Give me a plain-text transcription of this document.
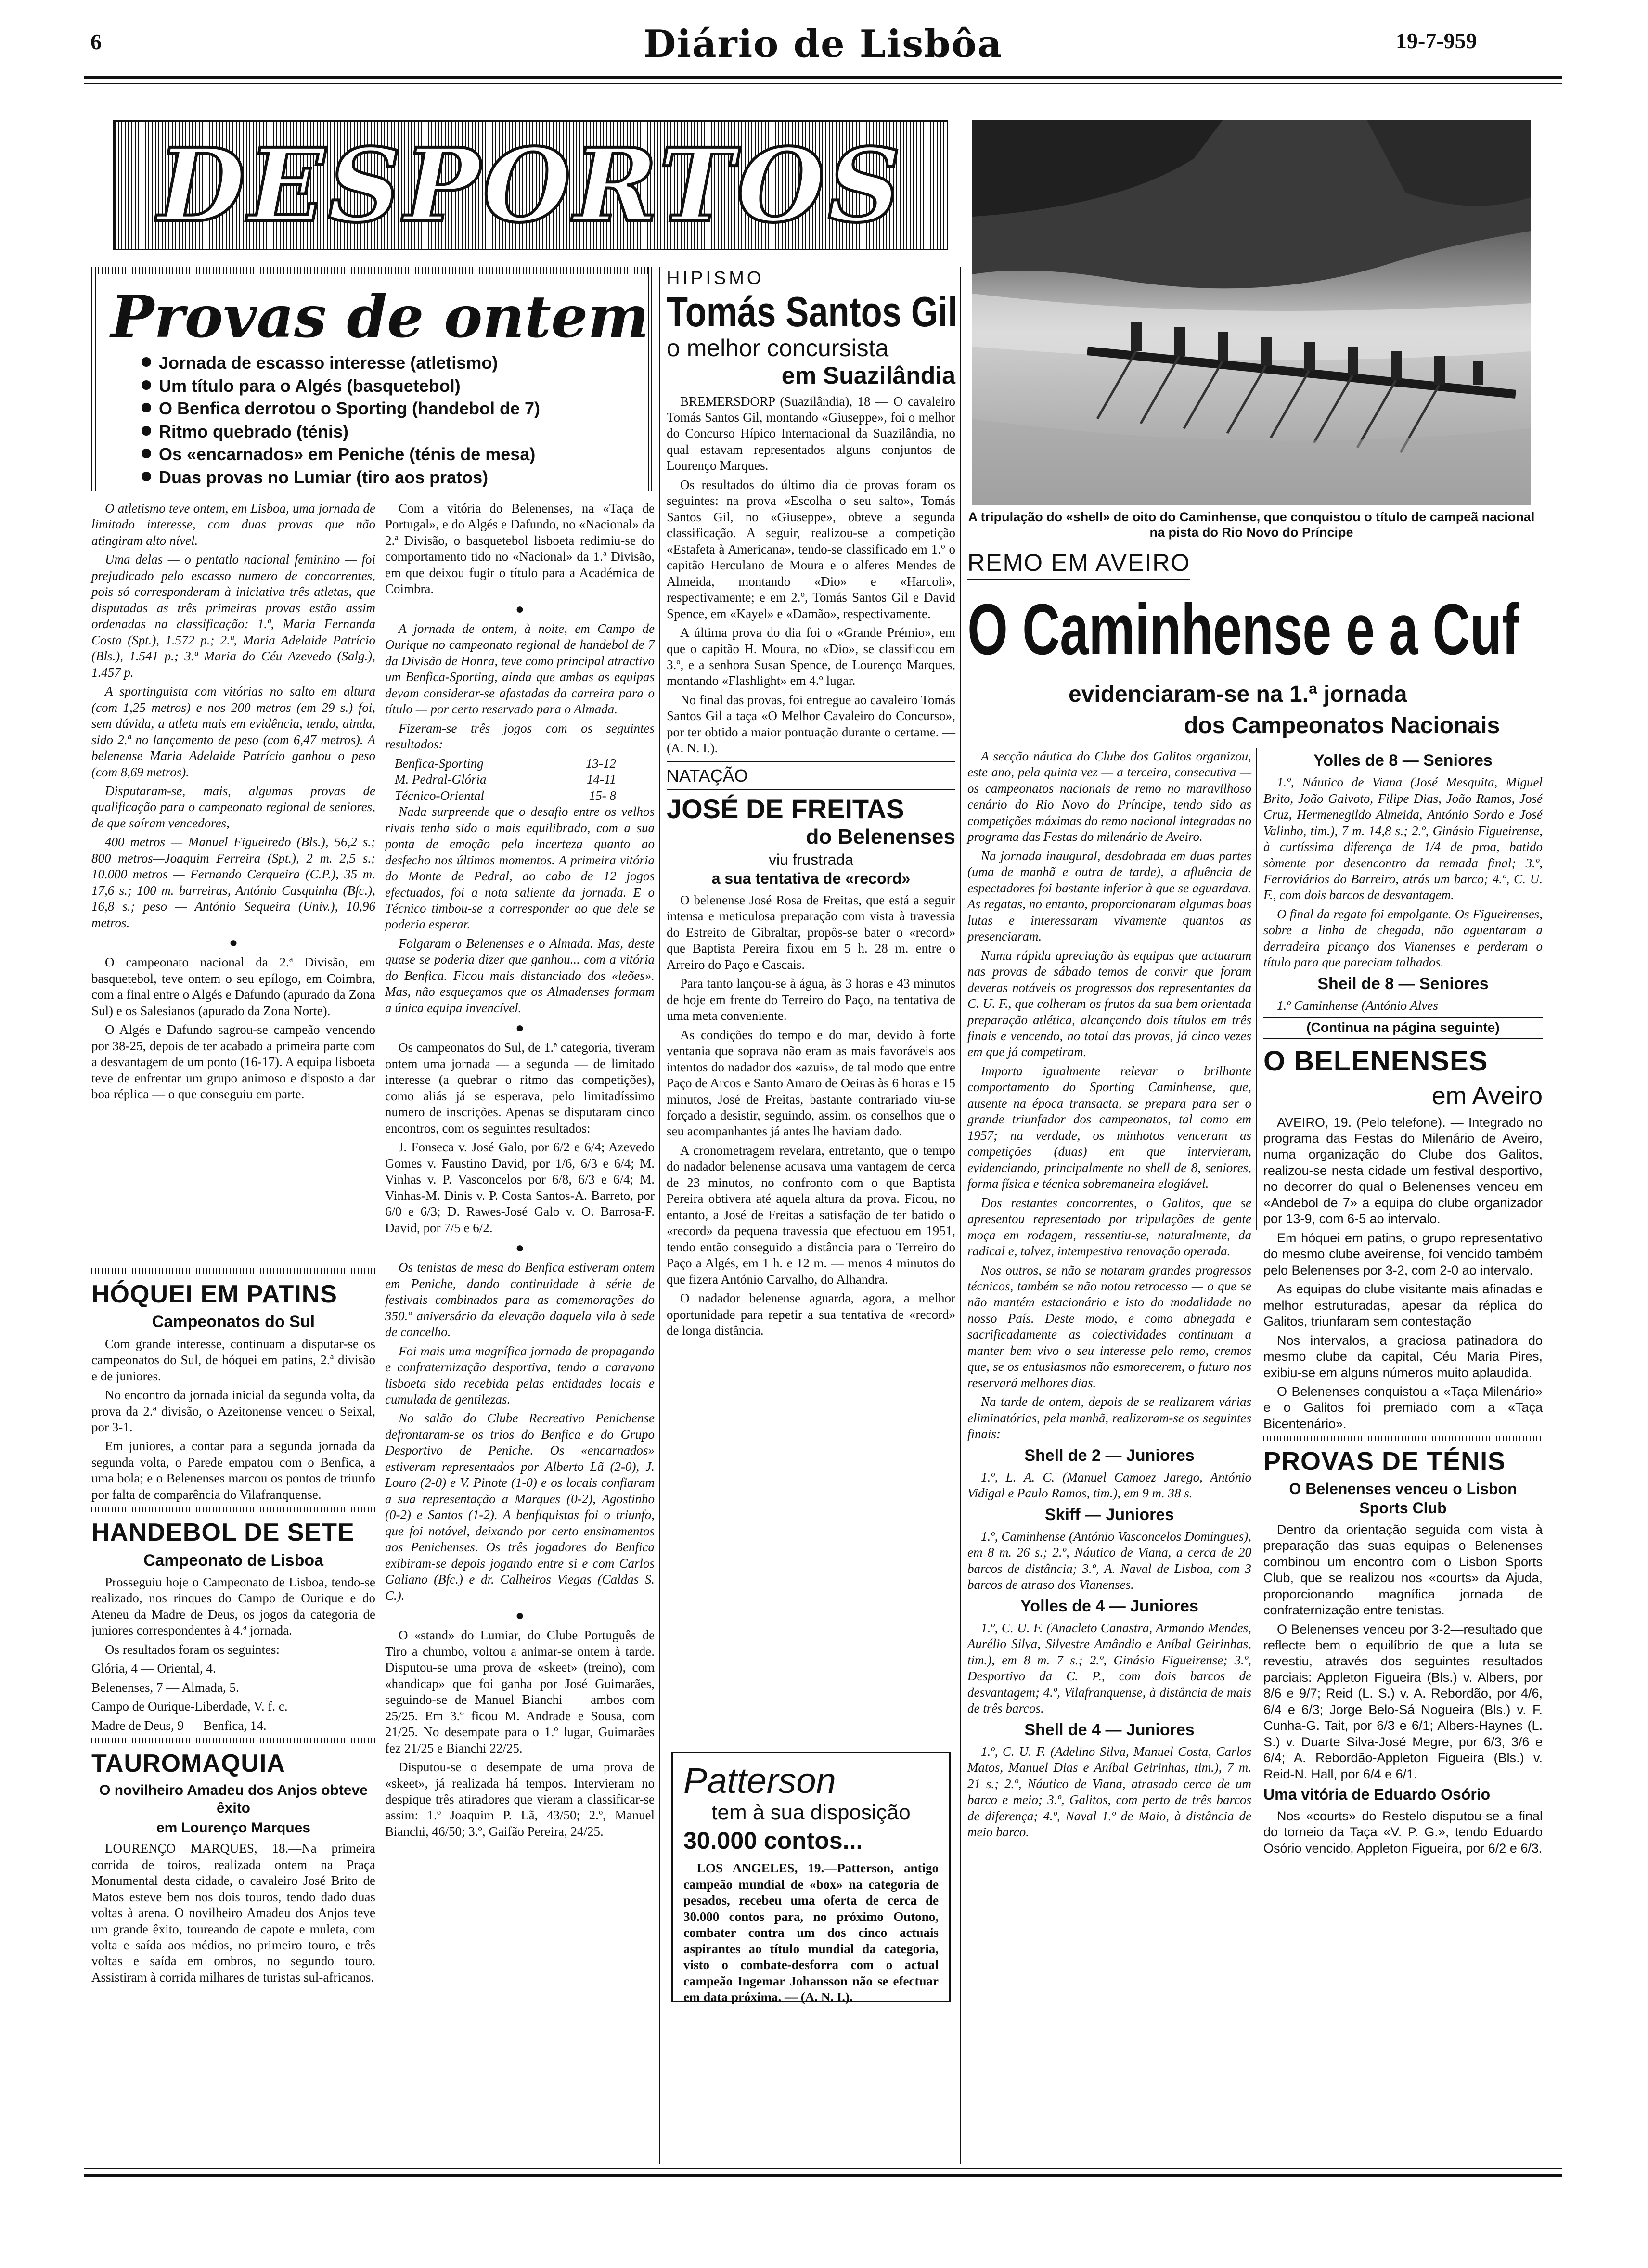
6	Diário de Lisbôa	19-7-959
DESPORTOS
A tripulação do «shell» de oito do Caminhense, que conquistou o título de campeã nacional na pista do Rio Novo do Príncipe
Provas de ontem
Jornada de escasso interesse (atletismo)
Um título para o Algés (basquetebol)
O Benfica derrotou o Sporting (handebol de 7)
Ritmo quebrado (ténis)
Os «encarnados» em Peniche (ténis de mesa)
Duas provas no Lumiar (tiro aos pratos)

O atletismo teve ontem, em Lisboa, uma jornada de limitado interesse, com duas provas que não atingiram alto nível.

Uma delas — o pentatlo nacional feminino — foi prejudicado pelo escasso numero de concorrentes, pois só corresponderam à iniciativa três atletas, que disputadas as três primeiras provas estão assim ordenadas na classificação: 1.ª, Maria Fernanda Costa (Spt.), 1.572 p.; 2.ª, Maria Adelaide Patrício (Bls.), 1.541 p.; 3.ª Maria do Céu Azevedo (Salg.), 1.457 p.

A sportinguista com vitórias no salto em altura (com 1,25 metros) e nos 200 metros (em 29 s.) foi, sem dúvida, a atleta mais em evidência, tendo, ainda, sido 2.ª no lançamento de peso (com 6,47 metros). A belenense Maria Adelaide Patrício ganhou o peso (com 8,69 metros).

Disputaram-se, mais, algumas provas de qualificação para o campeonato regional de seniores, de que saíram vencedores,

400 metros — Manuel Figueiredo (Bls.), 56,2 s.; 800 metros—Joaquim Ferreira (Spt.), 2 m. 2,5 s.; 10.000 metros — Fernando Cerqueira (C.P.), 35 m. 17,6 s.; 100 m. barreiras, António Casquinha (Bfc.), 16,8 s.; peso — António Sequeira (Univ.), 10,96 metros.

●

O campeonato nacional da 2.ª Divisão, em basquetebol, teve ontem o seu epílogo, em Coimbra, com a final entre o Algés e Dafundo (apurado da Zona Sul) e os Salesianos (apurado da Zona Norte).

O Algés e Dafundo sagrou-se campeão vencendo por 38-25, depois de ter acabado a primeira parte com a desvantagem de um ponto (16-17). A equipa lisboeta teve de enfrentar um grupo animoso e disposto a dar boa réplica — o que conseguiu em parte.

HÓQUEI EM PATINS
Campeonatos do Sul

Com grande interesse, continuam a disputar-se os campeonatos do Sul, de hóquei em patins, 2.ª divisão e de juniores.

No encontro da jornada inicial da segunda volta, da prova da 2.ª divisão, o Azeitonense venceu o Seixal, por 3-1.

Em juniores, a contar para a segunda jornada da segunda volta, o Parede empatou com o Benfica, a uma bola; e o Belenenses marcou os pontos de triunfo por falta de comparência do Vilafranquense.

HANDEBOL DE SETE
Campeonato de Lisboa

Prosseguiu hoje o Campeonato de Lisboa, tendo-se realizado, nos rinques do Campo de Ourique e do Ateneu da Madre de Deus, os jogos da categoria de juniores correspondentes à 4.ª jornada.

Os resultados foram os seguintes:

Glória, 4 — Oriental, 4.

Belenenses, 7 — Almada, 5.

Campo de Ourique-Liberdade, V. f. c.

Madre de Deus, 9 — Benfica, 14.

TAUROMAQUIA
O novilheiro Amadeu dos Anjos obteve êxito
em Lourenço Marques

LOURENÇO MARQUES, 18.—Na primeira corrida de toiros, realizada ontem na Praça Monumental desta cidade, o cavaleiro José Brito de Matos esteve bem nos dois touros, tendo dado duas voltas à arena. O novilheiro Amadeu dos Anjos teve um grande êxito, toureando de capote e muleta, com volta e saída aos médios, no primeiro touro, e três voltas e saída em ombros, no segundo touro. Assistiram à corrida milhares de turistas sul-africanos.

Com a vitória do Belenenses, na «Taça de Portugal», e do Algés e Dafundo, no «Nacional» da 2.ª Divisão, o basquetebol lisboeta redimiu-se do comportamento tido no «Nacional» da 1.ª Divisão, em que deixou fugir o título para a Académica de Coimbra.

●

A jornada de ontem, à noite, em Campo de Ourique no campeonato regional de handebol de 7 da Divisão de Honra, teve como principal atractivo um Benfica-Sporting, ainda que ambas as equipas devam considerar-se afastadas da carreira para o título — por certo reservado para o Almada.

Fizeram-se três jogos com os seguintes resultados:

Benfica-Sporting	13-12
M. Pedral-Glória	14-11
Técnico-Oriental	15- 8

Nada surpreende que o desafio entre os velhos rivais tenha sido o mais equilibrado, com a sua ponta de emoção pela incerteza quanto ao desfecho nos últimos momentos. A primeira vitória do Monte de Pedral, ao cabo de 12 jogos efectuados, foi a nota saliente da jornada. E o Técnico timbou-se a corresponder ao que dele se poderia esperar.

Folgaram o Belenenses e o Almada. Mas, deste quase se poderia dizer que ganhou... com a vitória do Benfica. Ficou mais distanciado dos «leões». Mas, não esqueçamos que os Almadenses formam a única equipa invencível.

●

Os campeonatos do Sul, de 1.ª categoria, tiveram ontem uma jornada — a segunda — de limitado interesse (a quebrar o ritmo das competições), como aliás já se esperava, pelo limitadíssimo numero de inscrições. Apenas se disputaram cinco encontros, com os seguintes resultados:

J. Fonseca v. José Galo, por 6/2 e 6/4; Azevedo Gomes v. Faustino David, por 1/6, 6/3 e 6/4; M. Vinhas v. P. Vasconcelos por 6/8, 6/3 e 6/4; M. Vinhas-M. Dinis v. P. Costa Santos-A. Barreto, por 6/0 e 6/3; D. Rawes-José Galo v. O. Barrosa-F. David, por 7/5 e 6/2.

●

Os tenistas de mesa do Benfica estiveram ontem em Peniche, dando continuidade à série de festivais combinados para as comemorações do 350.º aniversário da elevação daquela vila à sede de concelho.

Foi mais uma magnífica jornada de propaganda e confraternização desportiva, tendo a caravana lisboeta sido recebida pelas entidades locais e cumulada de gentilezas.

No salão do Clube Recreativo Penichense defrontaram-se os trios do Benfica e do Grupo Desportivo de Peniche. Os «encarnados» estiveram representados por Alberto Lã (2-0), J. Louro (2-0) e V. Pinote (1-0) e os locais confiaram a sua representação a Marques (0-2), Agostinho (0-2) e Santos (1-2). A benfiquistas foi o triunfo, que foi notável, deixando por certo ensinamentos aos Penichenses. Os três jogadores do Benfica exibiram-se depois jogando entre si e com Carlos Galiano (Bfc.) e dr. Calheiros Viegas (Caldas S. C.).

●

O «stand» do Lumiar, do Clube Português de Tiro a chumbo, voltou a animar-se ontem à tarde. Disputou-se uma prova de «skeet» (treino), com «handicap» que foi ganha por José Guimarães, seguindo-se de Manuel Bianchi — ambos com 25/25. Em 3.º ficou M. Andrade e Sousa, com 21/25. No desempate para o 1.º lugar, Guimarães fez 21/25 e Bianchi 22/25.

Disputou-se o desempate de uma prova de «skeet», já realizada há tempos. Intervieram no despique três atiradores que vieram a classificar-se assim: 1.º Joaquim P. Lã, 43/50; 2.º, Manuel Bianchi, 46/50; 3.º, Gaifão Pereira, 24/25.

HIPISMO
Tomás Santos Gil
o melhor concursista
em Suazilândia

BREMERSDORP (Suazilândia), 18 — O cavaleiro Tomás Santos Gil, montando «Giuseppe», foi o melhor do Concurso Hípico Internacional da Suazilândia, no qual estavam representados alguns conjuntos de Lourenço Marques.

Os resultados do último dia de provas foram os seguintes: na prova «Escolha o seu salto», Tomás Santos Gil, no «Giuseppe», obteve a segunda classificação. A seguir, realizou-se a competição «Estafeta à Americana», tendo-se classificado em 1.º o capitão Herculano de Moura e o alferes Mendes de Almeida, montando «Dio» e «Harcoli», respectivamente; e em 2.º, Tomás Santos Gil e David Spence, em «Kayel» e «Damão», respectivamente.

A última prova do dia foi o «Grande Prémio», em que o capitão H. Moura, no «Dio», se classificou em 3.º, e a senhora Susan Spence, de Lourenço Marques, montando «Flashlight» em 4.º lugar.

No final das provas, foi entregue ao cavaleiro Tomás Santos Gil a taça «O Melhor Cavaleiro do Concurso», por ter obtido a maior pontuação durante o certame. — (A. N. I.).

NATAÇÃO
JOSÉ DE FREITAS
do Belenenses
viu frustrada
a sua tentativa de «record»

O belenense José Rosa de Freitas, que está a seguir intensa e meticulosa preparação com vista à travessia do Estreito de Gibraltar, propôs-se bater o «record» que Baptista Pereira fixou em 5 h. 28 m. entre o Arreiro do Paço e Cascais.

Para tanto lançou-se à água, às 3 horas e 43 minutos de hoje em frente do Terreiro do Paço, na tentativa de uma meta conveniente.

As condições do tempo e do mar, devido à forte ventania que soprava não eram as mais favoráveis aos intentos do nadador dos «azuis», de tal modo que entre Paço de Arcos e Santo Amaro de Oeiras às 6 horas e 15 minutos, José de Freitas, bastante contrariado viu-se forçado a desistir, seguindo, assim, os conselhos que o seu acompanhantes já antes lhe haviam dado.

A cronometragem revelara, entretanto, que o tempo do nadador belenense acusava uma vantagem de cerca de 23 minutos, no confronto com o que Baptista Pereira obtivera até aquela altura da prova. Ficou, no entanto, a José de Freitas a satisfação de ter batido o «record» da pequena travessia que efectuou em 1951, tendo então conseguido a distância para o Terreiro do Paço a Algés, em 1 h. e 12 m. — menos 4 minutos do que fizera António Carvalho, do Alhandra.

O nadador belenense aguarda, agora, a melhor oportunidade para repetir a sua tentativa de «record» de longa distância.

Patterson
tem à sua disposição
30.000 contos...
LOS ANGELES, 19.—Patterson, antigo campeão mundial de «box» na categoria de pesados, recebeu uma oferta de cerca de 30.000 contos para, no próximo Outono, combater contra um dos cinco actuais aspirantes ao título mundial da categoria, visto o combate-desforra com o actual campeão Ingemar Johansson não se efectuar em data próxima. — (A. N. I.).
REMO EM AVEIRO
O Caminhense e a Cuf
evidenciaram-se na 1.ª jornada
dos Campeonatos Nacionais

A secção náutica do Clube dos Galitos organizou, este ano, pela quinta vez — a terceira, consecutiva — os campeonatos nacionais de remo no maravilhoso cenário do Rio Novo do Príncipe, tendo sido as competições máximas do remo nacional integradas no programa das Festas do milenário de Aveiro.

Na jornada inaugural, desdobrada em duas partes (uma de manhã e outra de tarde), a afluência de espectadores foi bastante inferior à que se aguardava. As regatas, no entanto, proporcionaram algumas boas lutas e interessaram vivamente quantos as presenciaram.

Numa rápida apreciação às equipas que actuaram nas provas de sábado temos de convir que foram deveras notáveis os progressos dos representantes da C. U. F., que colheram os frutos da sua bem orientada preparação atlética, alcançando dois títulos em três finais e vencendo, no total das provas, já cinco vezes em que já competiram.

Importa igualmente relevar o brilhante comportamento do Sporting Caminhense, que, ausente na época transacta, se prepara para ser o grande triunfador dos campeonatos, tal como em 1957; na verdade, os minhotos venceram as competições (duas) em que intervieram, evidenciando, principalmente no shell de 8, seniores, forma física e técnica sobremaneira elogiável.

Dos restantes concorrentes, o Galitos, que se apresentou representado por tripulações de gente moça em rodagem, ressentiu-se, naturalmente, da radical e, talvez, intempestiva renovação operada.

Nos outros, se não se notaram grandes progressos técnicos, também se não notou retrocesso — o que se não mantém estacionário e isto do modalidade no nosso País. Deste modo, e como abnegada e sacrificadamente as colectividades continuam a manter bem vivo o seu interesse pelo remo, cremos que, se os entusiasmos não esmorecerem, o futuro nos reservará melhores dias.

Na tarde de ontem, depois de se realizarem várias eliminatórias, pela manhã, realizaram-se os seguintes finais:

Shell de 2 — Juniores

1.º, L. A. C. (Manuel Camoez Jarego, António Vidigal e Paulo Ramos, tim.), em 9 m. 38 s.

Skiff — Juniores

1.º, Caminhense (António Vasconcelos Domingues), em 8 m. 26 s.; 2.º, Náutico de Viana, a cerca de 20 barcos de distância; 3.º, A. Naval de Lisboa, com 3 barcos de atraso dos Vianenses.

Yolles de 4 — Juniores

1.º, C. U. F. (Anacleto Canastra, Armando Mendes, Aurélio Silva, Silvestre Amândio e Aníbal Geirinhas, tim.), em 8 m. 7 s.; 2.º, Ginásio Figueirense; 3.º, Desportivo da C. P., com dois barcos de desvantagem; 4.º, Vilafranquense, à distância de mais de três barcos.

Shell de 4 — Juniores

1.º, C. U. F. (Adelino Silva, Manuel Costa, Carlos Matos, Manuel Dias e Aníbal Geirinhas, tim.), 7 m. 21 s.; 2.º, Náutico de Viana, atrasado cerca de um barco e meio; 3.º, Galitos, com perto de três barcos de diferença; 4.º, Naval 1.º de Maio, à distância de meio barco.

Yolles de 8 — Seniores

1.º, Náutico de Viana (José Mesquita, Miguel Brito, João Gaivoto, Filipe Dias, João Ramos, José Cruz, Hermenegildo Almeida, António Sordo e José Valinho, tim.), 7 m. 14,8 s.; 2.º, Ginásio Figueirense, à curtíssima diferença de 1/4 de proa, batido sòmente por desencontro da remada final; 3.º, Ferroviários do Barreiro, atrás um barco; 4.º, C. U. F., com dois barcos de desvantagem.

O final da regata foi empolgante. Os Figueirenses, sobre a linha de chegada, não aguentaram a derradeira picanço dos Vianenses e perderam o título para que pareciam talhados.

Sheil de 8 — Seniores

1.º Caminhense (António Alves

(Continua na página seguinte)
O BELENENSES
em Aveiro

AVEIRO, 19. (Pelo telefone). — Integrado no programa das Festas do Milenário de Aveiro, numa organização do Clube dos Galitos, realizou-se nesta cidade um festival desportivo, no decorrer do qual o Belenenses venceu em «Andebol de 7» a equipa do clube organizador por 13-9, com 6-5 ao intervalo.

Em hóquei em patins, o grupo representativo do mesmo clube aveirense, foi vencido também pelo Belenenses por 3-2, com 2-0 ao intervalo.

As equipas do clube visitante mais afinadas e melhor estruturadas, apesar da réplica do Galitos, triunfaram sem contestação

Nos intervalos, a graciosa patinadora do mesmo clube da capital, Céu Maria Pires, exibiu-se em alguns números muito aplaudida.

O Belenenses conquistou a «Taça Milenário» e o Galitos foi premiado com a «Taça Bicentenário».

PROVAS DE TÉNIS
O Belenenses venceu o Lisbon Sports Club

Dentro da orientação seguida com vista à preparação das suas equipas o Belenenses combinou um encontro com o Lisbon Sports Club, que se realizou nos «courts» da Ajuda, proporcionando magnífica jornada de confraternização entre tenistas.

O Belenenses venceu por 3-2—resultado que reflecte bem o equilíbrio de que a luta se revestiu, através dos seguintes resultados parciais: Appleton Figueira (Bls.) v. Albers, por 8/6 e 9/7; Reid (L. S.) v. A. Rebordão, por 4/6, 6/4 e 6/3; Jorge Belo-Sá Nogueira (Bls.) v. F. Cunha-G. Tait, por 6/3 e 6/1; Albers-Haynes (L. S.) v. Duarte Silva-José Megre, por 6/3, 3/6 e 6/4; A. Rebordão-Appleton Figueira (Bls.) v. Reid-N. Hall, por 6/4 e 6/1.

Uma vitória de Eduardo Osório

Nos «courts» do Restelo disputou-se a final do torneio da Taça «V. P. G.», tendo Eduardo Osório vencido, Appleton Figueira, por 6/2 e 6/3.
